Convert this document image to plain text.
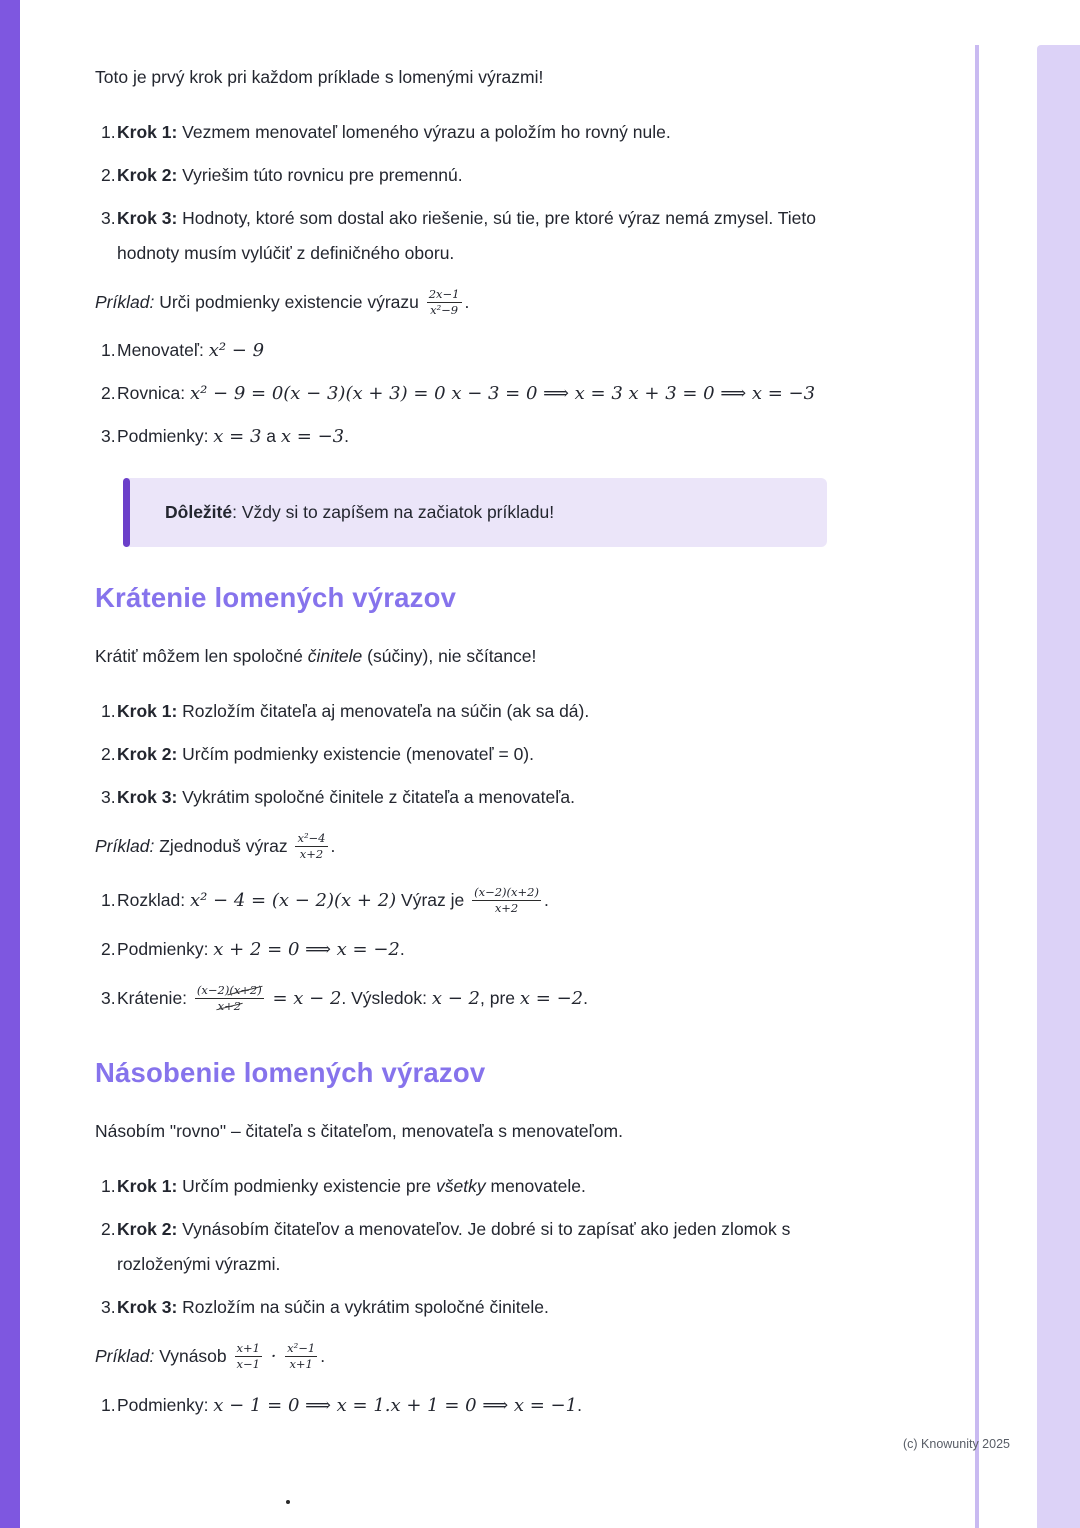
Toto je prvý krok pri každom príklade s lomenými výrazmi!

1. Krok 1: Vezmem menovateľ lomeného výrazu a položím ho rovný nule.
2. Krok 2: Vyriešim túto rovnicu pre premennú.
3. Krok 3: Hodnoty, ktoré som dostal ako riešenie, sú tie, pre ktoré výraz nemá zmysel. Tieto hodnoty musím vylúčiť z definičného oboru.

Príklad: Urči podmienky existencie výrazu $\frac{2x-1}{\text{x²−9}}$ .

1. Menovateľ: x² − 9
2. Rovnica: x² − 9 = 0(x − 3)(x + 3) = 0 x − 3 = 0 ⟹ x = 3 x + 3 = 0 ⟹ x = −3
3. Podmienky: x = 3 a x = −3.
Dôležité: Vždy si to zapíšem na začiatok príkladu!
Krátenie lomených výrazov

Krátiť môžem len spoločné činitele (súčiny), nie sčítance!

1. Krok 1: Rozložím čitateľa aj menovateľa na súčin (ak sa dá).
2. Krok 2: Určím podmienky existencie (menovateľ = 0).
3. Krok 3: Vykrátim spoločné činitele z čitateľa a menovateľa.

Príklad: Zjednoduš výraz $\frac{\text{x²−4}}{x+2}$ .

1. Rozklad: x² − 4 = (x − 2)(x + 2) Výraz je $\frac{(x-2)(x+2)}{x+2}$ .
2. Podmienky: x + 2 = 0 ⟹ x = −2.
3. Krátenie: $\frac{(x-2)(x+2)}{x+2} = x - 2$. Výsledok: x − 2, pre x = −2.
Násobenie lomených výrazov

Násobím "rovno" – čitateľa s čitateľom, menovateľa s menovateľom.

1. Krok 1: Určím podmienky existencie pre všetky menovatele.
2. Krok 2: Vynásobím čitateľov a menovateľov. Je dobré si to zapísať ako jeden zlomok s rozloženými výrazmi.
3. Krok 3: Rozložím na súčin a vykrátim spoločné činitele.

Príklad: Vynásob $\frac{x+1}{x-1} \cdot \frac{\text{x²−1}}{x+1}$ .

1. Podmienky: x − 1 = 0 ⟹ x = 1.x + 1 = 0 ⟹ x = −1.
(c) Knowunity 2025
